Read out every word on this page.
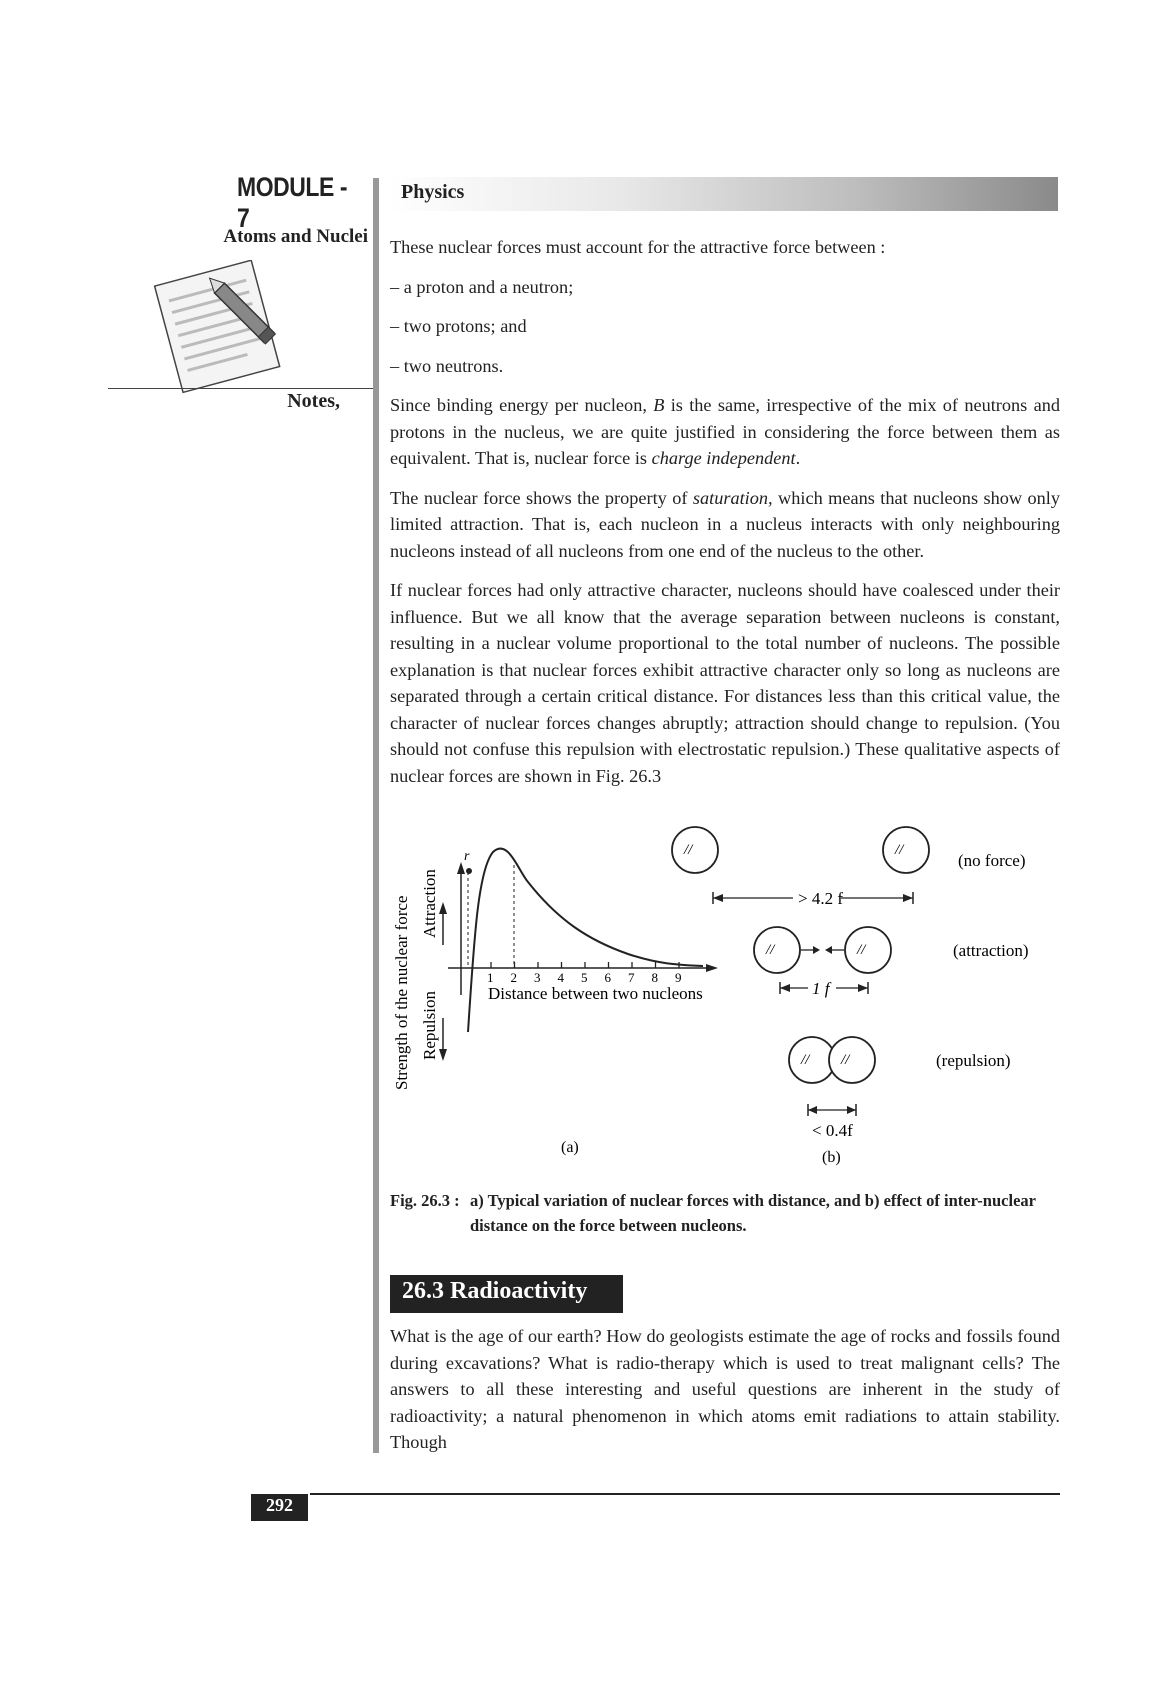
MODULE - 7
Atoms and Nuclei
Notes,
Physics

These nuclear forces must account for the attractive force between :

– a proton and a neutron;

– two protons; and

– two neutrons.

Since binding energy per nucleon, B is the same, irrespective of the mix of neutrons and protons in the nucleus, we are quite justified in considering the force between them as equivalent. That is, nuclear force is charge independent.

The nuclear force shows the property of saturation, which means that nucleons show only limited attraction. That is, each nucleon in a nucleus interacts with only neighbouring nucleons instead of all nucleons from one end of the nucleus to the other.

If nuclear forces had only attractive character, nucleons should have coalesced under their influence. But we all know that the average separation between nucleons is constant, resulting in a nuclear volume proportional to the total number of nucleons. The possible explanation is that nuclear forces exhibit attractive character only so long as nucleons are separated through a certain critical distance. For distances less than this critical value, the character of nuclear forces changes abruptly; attraction should change to repulsion. (You should not confuse this repulsion with electrostatic repulsion.) These qualitative aspects of nuclear forces are shown in Fig. 26.3

r
1 2 3 4 5 6 7 8 9
Distance between two nucleons
Strength of the nuclear force Attraction
Repulsion
(a)
//	//
(no force)
> 4.2 f
//	//	(attraction)
1 f
// //	(repulsion)
< 0.4f
(b)
Fig. 26.3 : a) Typical variation of nuclear forces with distance, and b) effect of inter-nuclear
distance on the force between nucleons.
26.3 Radioactivity

What is the age of our earth? How do geologists estimate the age of rocks and fossils found during excavations? What is radio-therapy which is used to treat malignant cells? The answers to all these interesting and useful questions are inherent in the study of radioactivity; a natural phenomenon in which atoms emit radiations to attain stability. Though

292
